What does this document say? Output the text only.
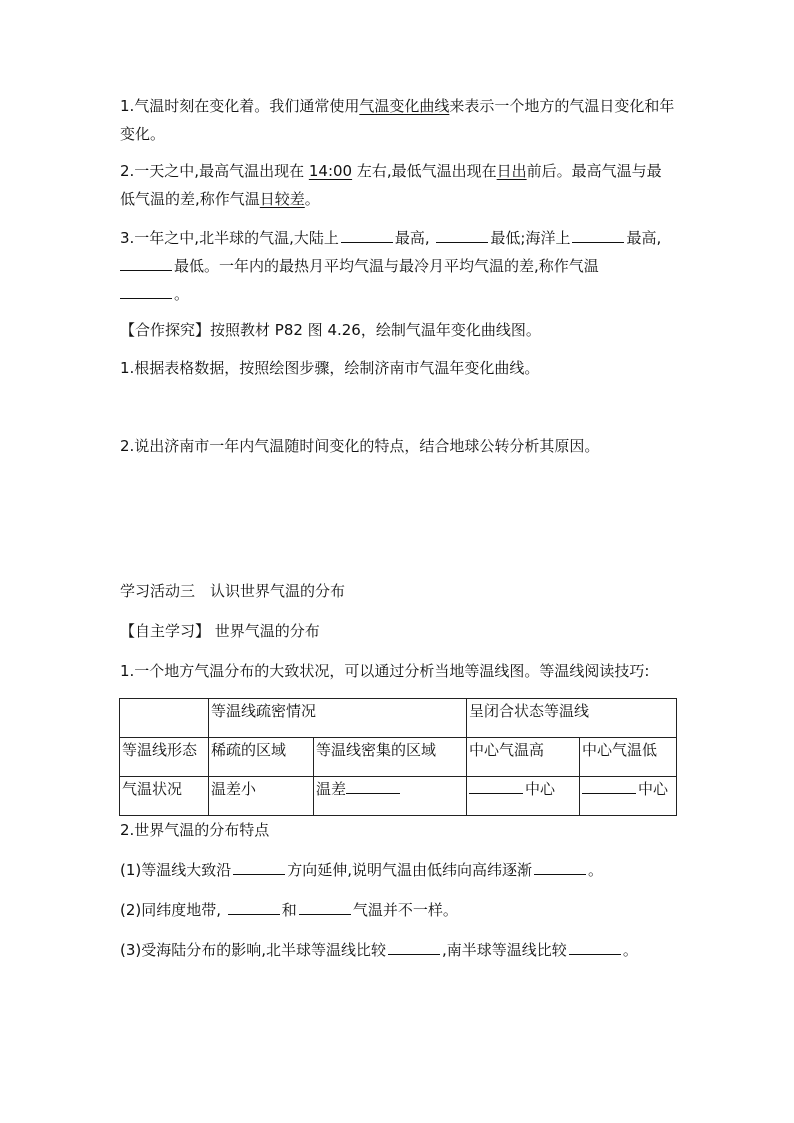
1.气温时刻在变化着。我们通常使用气温变化曲线来表示一个地方的气温日变化和年变化。

2.一天之中,最高气温出现在 14:00 左右,最低气温出现在日出前后。最高气温与最低气温的差,称作气温日较差。

3.一年之中,北半球的气温,大陆上	最高,	最低;海洋上	最高,
最低。一年内的最热月平均气温与最冷月平均气温的差,称作气温
。

【合作探究】按照教材 P82 图 4.26，绘制气温年变化曲线图。

1.根据表格数据，按照绘图步骤，绘制济南市气温年变化曲线。

2.说出济南市一年内气温随时间变化的特点，结合地球公转分析其原因。

学习活动三　认识世界气温的分布

【自主学习】 世界气温的分布

1.一个地方气温分布的大致状况，可以通过分析当地等温线图。等温线阅读技巧:

	等温线疏密情况		呈闭合状态等温线	
等温线形态	稀疏的区域	等温线密集的区域	中心气温高	中心气温低
气温状况	温差小	温差	中心	中心

2.世界气温的分布特点

(1)等温线大致沿	方向延伸,说明气温由低纬向高纬逐渐	。

(2)同纬度地带,	和	气温并不一样。

(3)受海陆分布的影响,北半球等温线比较	,南半球等温线比较	。
